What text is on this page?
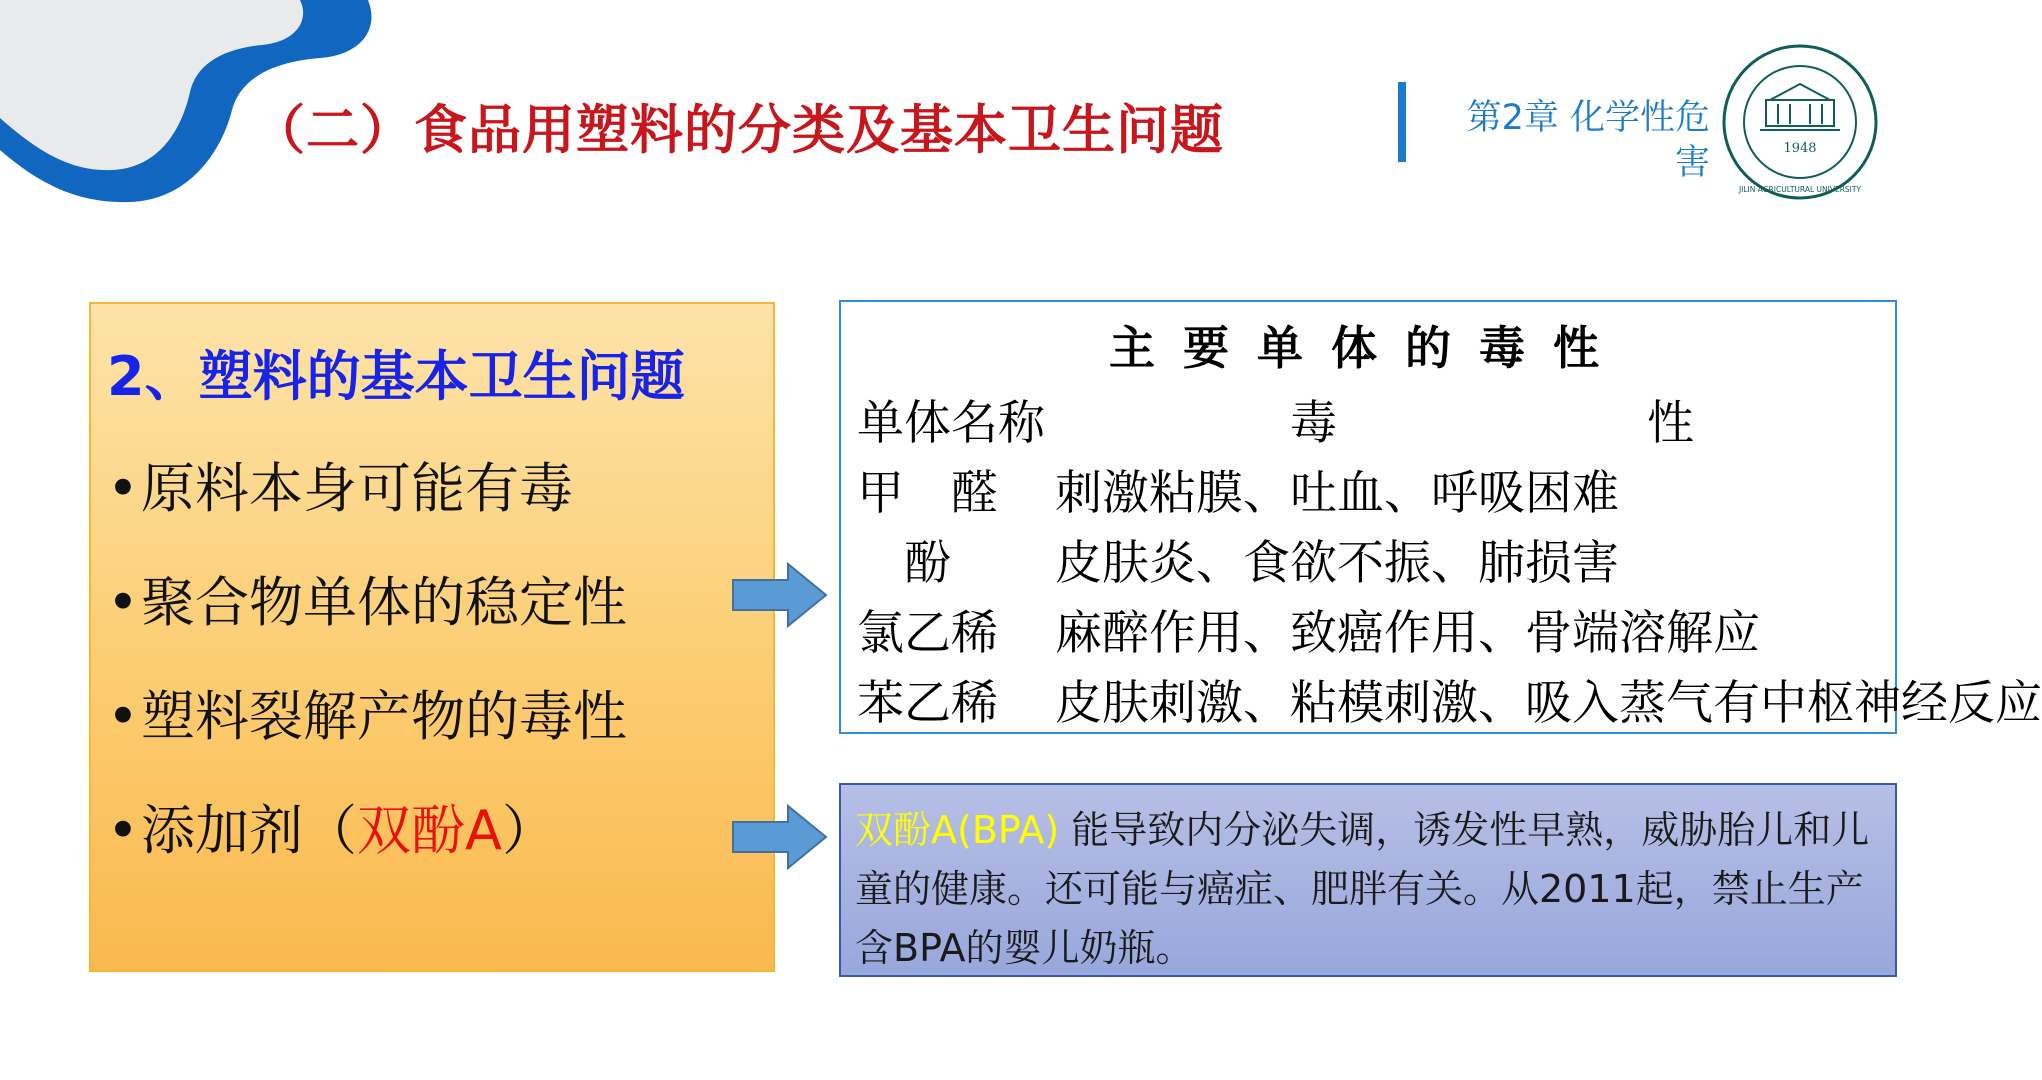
（二）食品用塑料的分类及基本卫生问题	第2章 化学性危害	1948
JILIN AGRICULTURAL UNIVERSITY
2、塑料的基本卫生问题
•原料本身可能有毒
•聚合物单体的稳定性
•塑料裂解产物的毒性
•添加剂（双酚A）
主要单体的毒性
单体名称	毒	性
甲　醛 刺激粘膜、吐血、呼吸困难
　酚 皮肤炎、食欲不振、肺损害
氯乙稀 麻醉作用、致癌作用、骨端溶解应
苯乙稀 皮肤刺激、粘模刺激、吸入蒸气有中枢神经反应
双酚A(BPA) 能导致内分泌失调，诱发性早熟，威胁胎儿和儿童的健康。还可能与癌症、肥胖有关。从2011起，禁止生产含BPA的婴儿奶瓶。
